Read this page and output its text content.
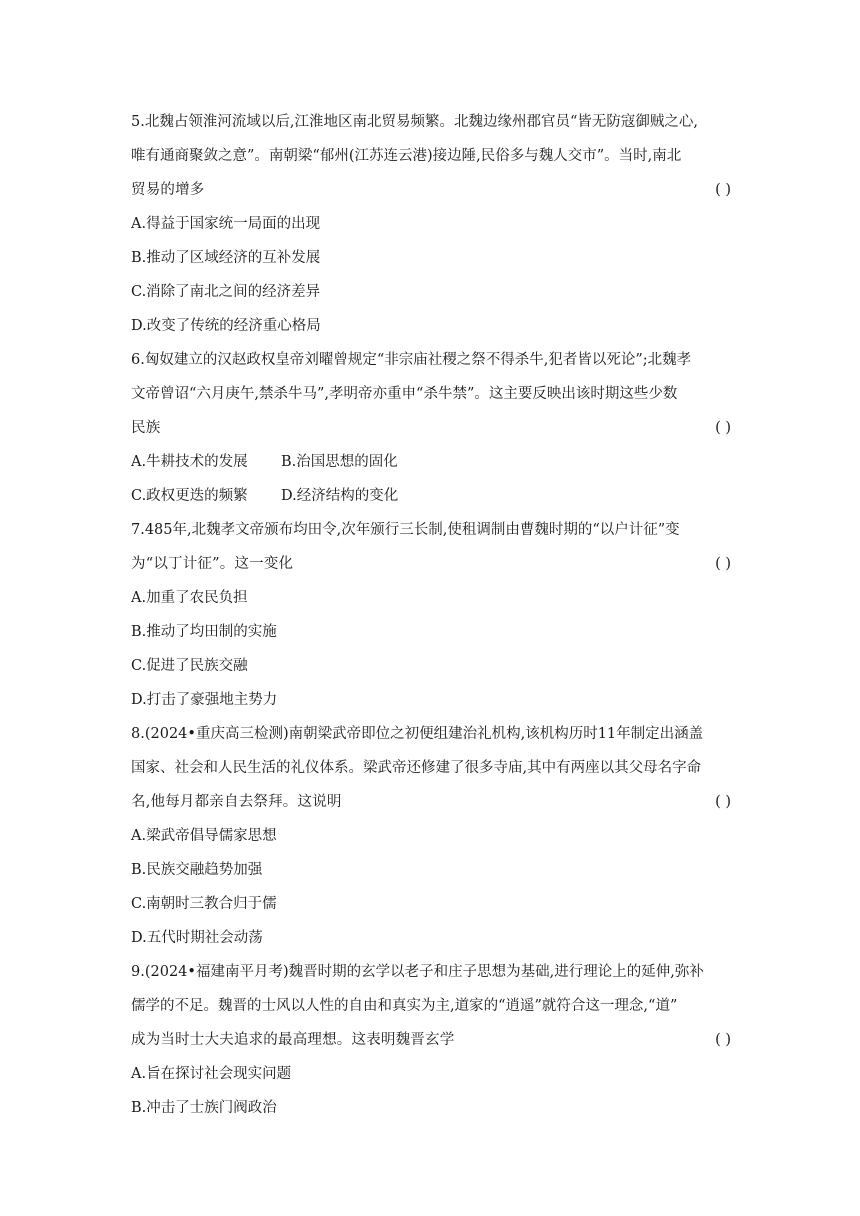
5.北魏占领淮河流域以后,江淮地区南北贸易频繁。北魏边缘州郡官员“皆无防寇御贼之心,
唯有通商聚敛之意”。南朝梁“郁州(江苏连云港)接边陲,民俗多与魏人交市”。当时,南北
贸易的增多	( )
A.得益于国家统一局面的出现
B.推动了区域经济的互补发展
C.消除了南北之间的经济差异
D.改变了传统的经济重心格局
6.匈奴建立的汉赵政权皇帝刘曜曾规定“非宗庙社稷之祭不得杀牛,犯者皆以死论”;北魏孝
文帝曾诏“六月庚午,禁杀牛马”,孝明帝亦重申“杀牛禁”。这主要反映出该时期这些少数
民族	( )
A.牛耕技术的发展 B.治国思想的固化
C.政权更迭的频繁 D.经济结构的变化
7.485年,北魏孝文帝颁布均田令,次年颁行三长制,使租调制由曹魏时期的“以户计征”变
为“以丁计征”。这一变化	( )
A.加重了农民负担
B.推动了均田制的实施
C.促进了民族交融
D.打击了豪强地主势力
8.(2024•重庆高三检测)南朝梁武帝即位之初便组建治礼机构,该机构历时11年制定出涵盖
国家、社会和人民生活的礼仪体系。梁武帝还修建了很多寺庙,其中有两座以其父母名字命
名,他每月都亲自去祭拜。这说明	( )
A.梁武帝倡导儒家思想
B.民族交融趋势加强
C.南朝时三教合归于儒
D.五代时期社会动荡
9.(2024•福建南平月考)魏晋时期的玄学以老子和庄子思想为基础,进行理论上的延伸,弥补
儒学的不足。魏晋的士风以人性的自由和真实为主,道家的“逍遥”就符合这一理念,“道”
成为当时士大夫追求的最高理想。这表明魏晋玄学	( )
A.旨在探讨社会现实问题
B.冲击了士族门阀政治
